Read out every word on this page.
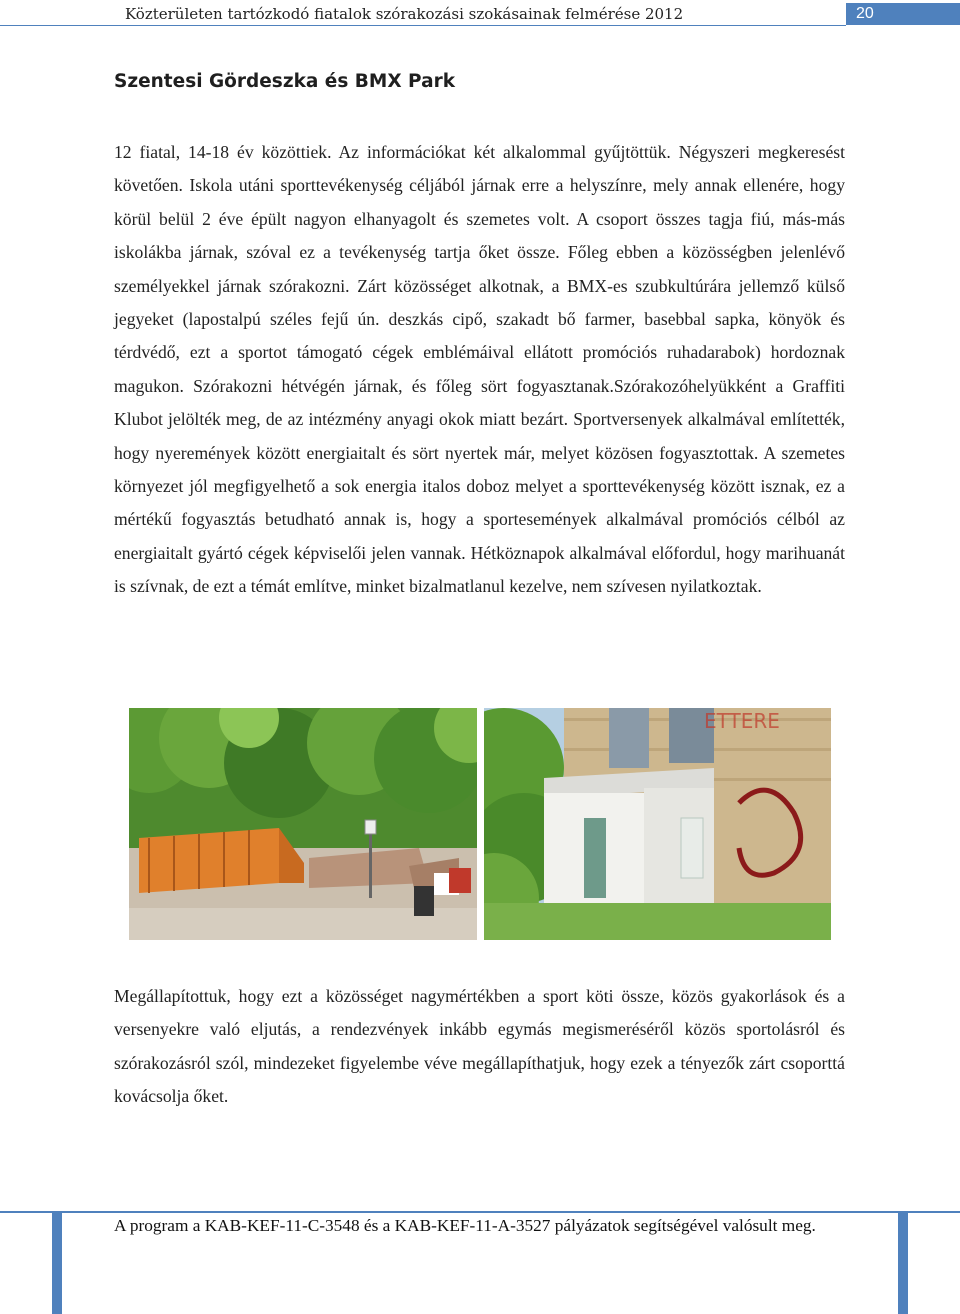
Közterületen tartózkodó fiatalok szórakozási szokásainak felmérése 2012	20
Szentesi Gördeszka és BMX Park

12 fiatal, 14-18 év közöttiek. Az információkat két alkalommal gyűjtöttük. Négyszeri megkeresést követően. Iskola utáni sporttevékenység céljából járnak erre a helyszínre, mely annak ellenére, hogy körül belül 2 éve épült nagyon elhanyagolt és szemetes volt. A csoport összes tagja fiú, más-más iskolákba járnak, szóval ez a tevékenység tartja őket össze. Főleg ebben a közösségben jelenlévő személyekkel járnak szórakozni. Zárt közösséget alkotnak, a BMX-es szubkultúrára jellemző külső jegyeket (lapostalpú széles fejű ún. deszkás cipő, szakadt bő farmer, basebbal sapka, könyök és térdvédő, ezt a sportot támogató cégek emblémáival ellátott promóciós ruhadarabok) hordoznak magukon. Szórakozni hétvégén járnak, és főleg sört fogyasztanak.Szórakozóhelyükként a Graffiti Klubot jelölték meg, de az intézmény anyagi okok miatt bezárt. Sportversenyek alkalmával említették, hogy nyeremények között energiaitalt és sört nyertek már, melyet közösen fogyasztottak. A szemetes környezet jól megfigyelhető a sok energia italos doboz melyet a sporttevékenység között isznak, ez a mértékű fogyasztás betudható annak is, hogy a sportesemények alkalmával promóciós célból az energiaitalt gyártó cégek képviselői jelen vannak. Hétköznapok alkalmával előfordul, hogy marihuanát is szívnak, de ezt a témát említve, minket bizalmatlanul kezelve, nem szívesen nyilatkoztak.

ETTERE

Megállapítottuk, hogy ezt a közösséget nagymértékben a sport köti össze, közös gyakorlások és a versenyekre való eljutás, a rendezvények inkább egymás megismeréséről közös sportolásról és szórakozásról szól, mindezeket figyelembe véve megállapíthatjuk, hogy ezek a tényezők zárt csoporttá kovácsolja őket.

A program a KAB-KEF-11-C-3548 és a KAB-KEF-11-A-3527 pályázatok segítségével valósult meg.
